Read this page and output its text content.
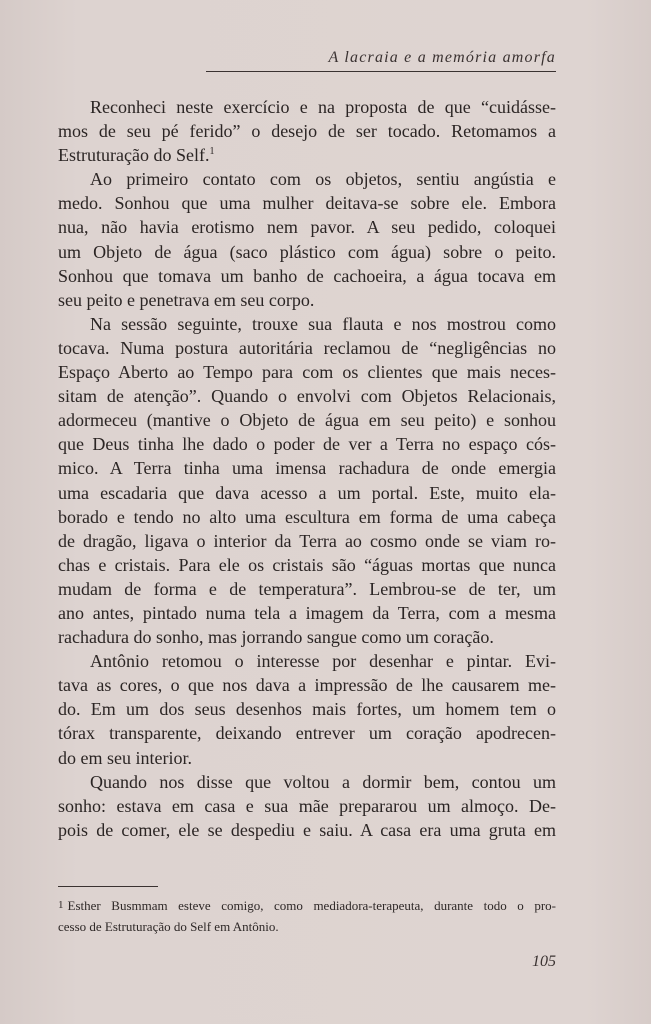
A lacraia e a memória amorfa
Reconheci neste exercício e na proposta de que “cuidásse-
mos de seu pé ferido” o desejo de ser tocado. Retomamos a
Estruturação do Self.$^1$
Ao primeiro contato com os objetos, sentiu angústia e
medo. Sonhou que uma mulher deitava-se sobre ele. Embora
nua, não havia erotismo nem pavor. A seu pedido, coloquei
um Objeto de água (saco plástico com água) sobre o peito.
Sonhou que tomava um banho de cachoeira, a água tocava em
seu peito e penetrava em seu corpo.
Na sessão seguinte, trouxe sua flauta e nos mostrou como
tocava. Numa postura autoritária reclamou de “negligências no
Espaço Aberto ao Tempo para com os clientes que mais neces-
sitam de atenção”. Quando o envolvi com Objetos Relacionais,
adormeceu (mantive o Objeto de água em seu peito) e sonhou
que Deus tinha lhe dado o poder de ver a Terra no espaço cós-
mico. A Terra tinha uma imensa rachadura de onde emergia
uma escadaria que dava acesso a um portal. Este, muito ela-
borado e tendo no alto uma escultura em forma de uma cabeça
de dragão, ligava o interior da Terra ao cosmo onde se viam ro-
chas e cristais. Para ele os cristais são “águas mortas que nunca
mudam de forma e de temperatura”. Lembrou-se de ter, um
ano antes, pintado numa tela a imagem da Terra, com a mesma
rachadura do sonho, mas jorrando sangue como um coração.
Antônio retomou o interesse por desenhar e pintar. Evi-
tava as cores, o que nos dava a impressão de lhe causarem me-
do. Em um dos seus desenhos mais fortes, um homem tem o
tórax transparente, deixando entrever um coração apodrecen-
do em seu interior.
Quando nos disse que voltou a dormir bem, contou um
sonho: estava em casa e sua mãe prepararou um almoço. De-
pois de comer, ele se despediu e saiu. A casa era uma gruta em
1 Esther Busmmam esteve comigo, como mediadora-terapeuta, durante todo o pro-
cesso de Estruturação do Self em Antônio.
105
